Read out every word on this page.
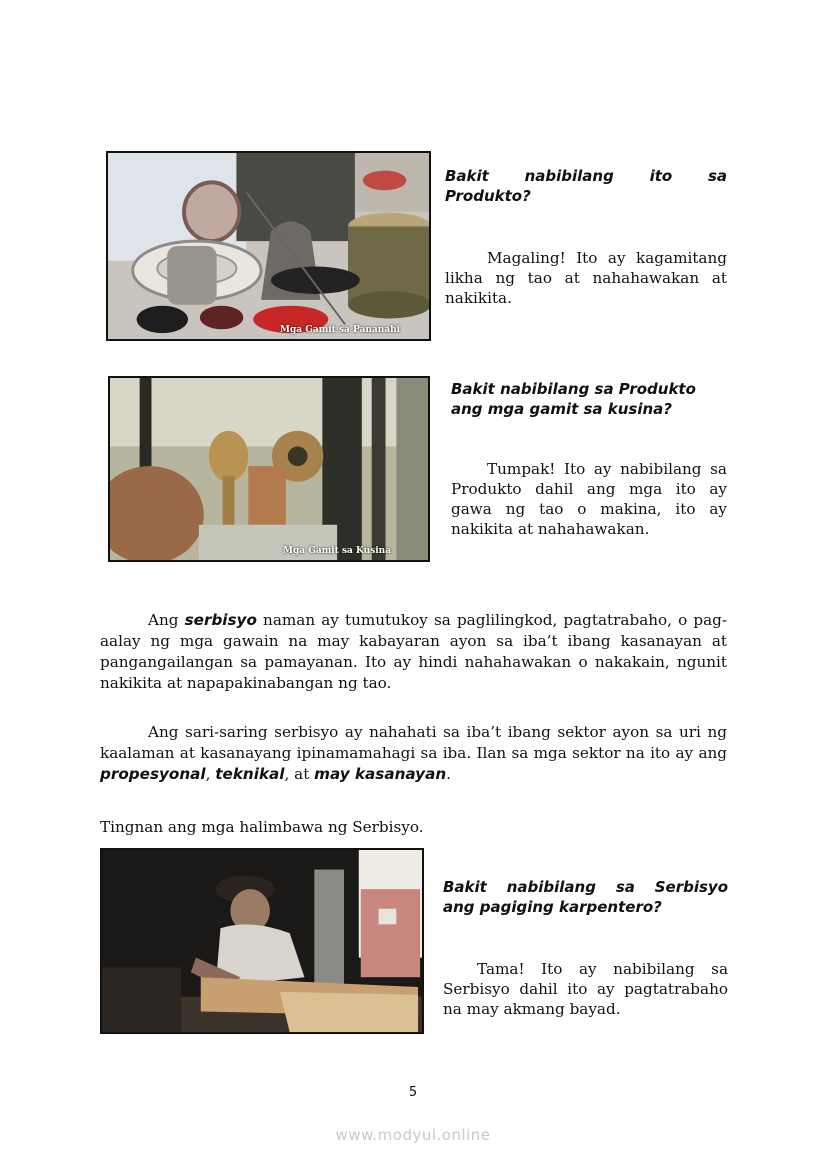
Mga Gamit sa Pananahi
Bakit nabibilang ito sa
Produkto?
Magaling! Ito ay kagamitang likha ng tao at nahahawakan at nakikita.
Mga Gamit sa Kusina
Bakit nabibilang sa Produkto
ang mga gamit sa kusina?
Tumpak! Ito ay nabibilang sa Produkto dahil ang mga ito ay gawa ng tao o makina, ito ay nakikita at nahahawakan.
Ang serbisyo naman ay tumutukoy sa paglilingkod, pagtatrabaho, o pag-aalay ng mga gawain na may kabayaran ayon sa iba’t ibang kasanayan at pangangailangan sa pamayanan. Ito ay hindi nahahawakan o nakakain, ngunit nakikita at napapakinabangan ng tao.
Ang sari-saring serbisyo ay nahahati sa iba’t ibang sektor ayon sa uri ng kaalaman at kasanayang ipinamamahagi sa iba. Ilan sa mga sektor na ito ay ang propesyonal, teknikal, at may kasanayan.
Tingnan ang mga halimbawa ng Serbisyo.
Bakit nabibilang sa Serbisyo
ang pagiging karpentero?
Tama! Ito ay nabibilang sa Serbisyo dahil ito ay pagtatrabaho na may akmang bayad.
5
www.modyul.online
